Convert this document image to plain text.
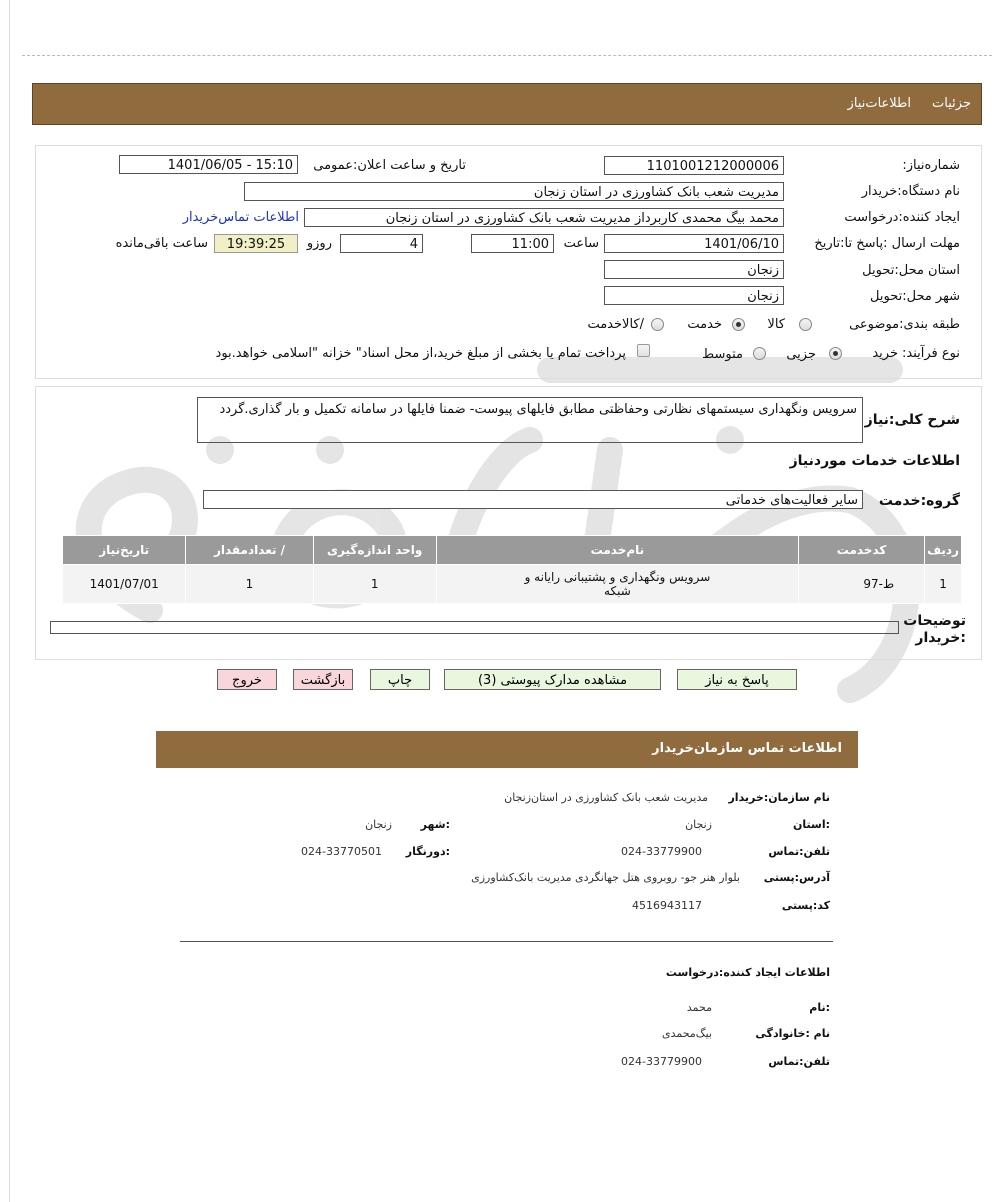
جزئیات
اطلاعات‌نیاز
شماره‌نیاز:
1101001212000006
تاریخ و ساعت اعلان:عمومی
1401/06/05 - 15:10
نام دستگاه:خریدار
مدیریت شعب بانک کشاورزی در استان زنجان
ایجاد کننده:درخواست
محمد بیگ محمدی کاربرداز مدیریت شعب بانک کشاورزی در استان زنجان
اطلاعات تماس‌خریدار
مهلت ارسال :پاسخ تا:تاریخ
1401/06/10
ساعت
11:00
4
روزو
19:39:25
ساعت باقی‌مانده
استان محل:تحویل
زنجان
شهر محل:تحویل
زنجان
طبقه بندی:موضوعی
کالا
خدمت
/کالاخدمت
نوع فرآیند:
خرید
جزیی
متوسط
پرداخت تمام یا بخشی از مبلغ خرید،از محل اسناد" خزانه "اسلامی خواهد.بود
شرح کلی:نیاز
سرویس ونگهداری سیستمهای نظارتی وحفاظتی مطابق فایلهای پیوست- ضمنا فایلها در سامانه تکمیل و بار گذاری.گردد
اطلاعات خدمات موردنیاز
گروه:خدمت
سایر فعالیت‌های خدماتی
ردیف	کدخدمت	نام‌خدمت	واحد اندازه‌گیری	/ تعدادمقدار	تاریخ‌نیاز
1	ط-97	سرویس ونگهداری و پشتیبانی رایانه و شبکه	1	1	1401/07/01
توضیحات :خریدار
پاسخ به نیاز
مشاهده مدارک پیوستی (3)
چاپ
بازگشت
خروج
اطلاعات تماس سازمان‌خریدار
نام سازمان:خریدار
مدیریت شعب بانک کشاورزی در استان‌زنجان
:استان
زنجان
:شهر
زنجان
تلفن:تماس
024-33779900
:دورنگار
024-33770501
آدرس:پستی
بلوار هنر جو- روبروی هتل جهانگردی مدیریت بانک‌کشاورزی
کد:پستی
4516943117
اطلاعات ایجاد کننده:درخواست
:نام
محمد
نام :خانوادگی
بیگ‌محمدی
تلفن:تماس
024-33779900
